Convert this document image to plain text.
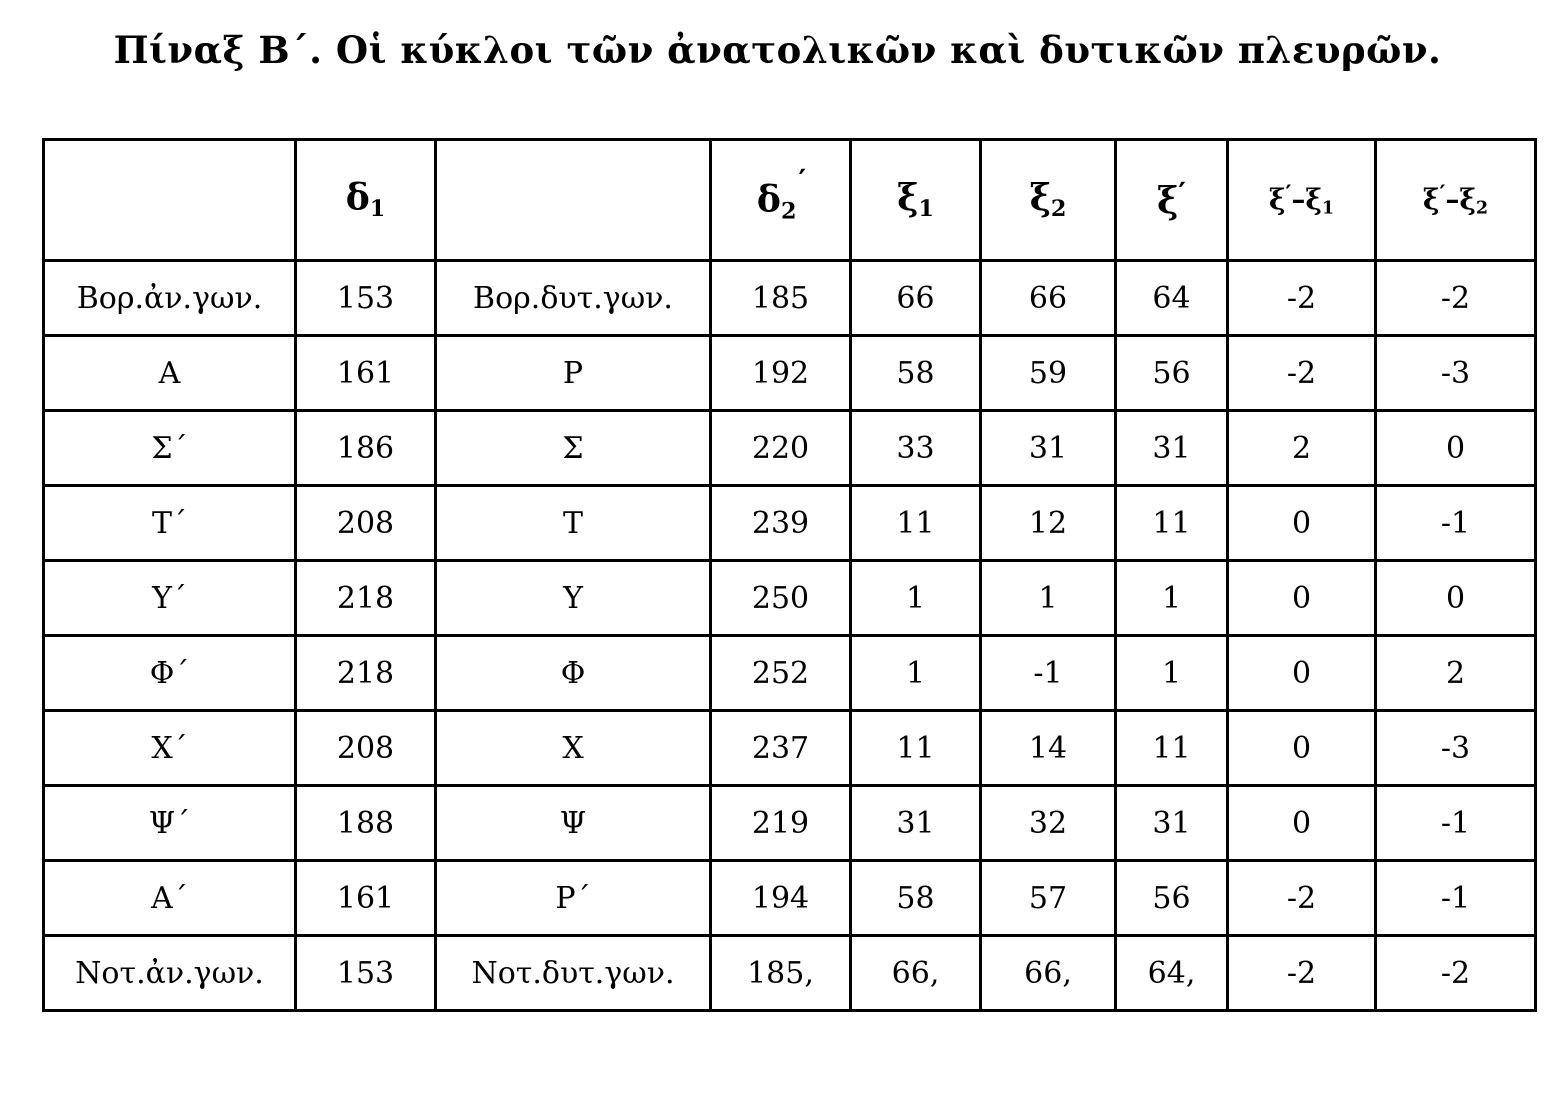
Πίναξ Β΄. Οἱ κύκλοι τῶν ἀνατολικῶν καὶ δυτικῶν πλευρῶν.
	$\delta_1$		$\delta_2'$	$\xi_1$	$\xi_2$	ξ′	$\xi'-\xi_1$	$\xi'-\xi_2$
Βορ.ἀν.γων.	153	Βορ.δυτ.γων.	185	66	66	64	-2	-2
Α	161	Ρ	192	58	59	56	-2	-3
Σ΄	186	Σ	220	33	31	31	2	0
Τ΄	208	Τ	239	11	12	11	0	-1
Υ΄	218	Υ	250	1	1	1	0	0
Φ΄	218	Φ	252	1	-1	1	0	2
Χ΄	208	Χ	237	11	14	11	0	-3
Ψ΄	188	Ψ	219	31	32	31	0	-1
Α΄	161	Ρ΄	194	58	57	56	-2	-1
Νοτ.ἀν.γων.	153	Νοτ.δυτ.γων.	185,	66,	66,	64,	-2	-2
